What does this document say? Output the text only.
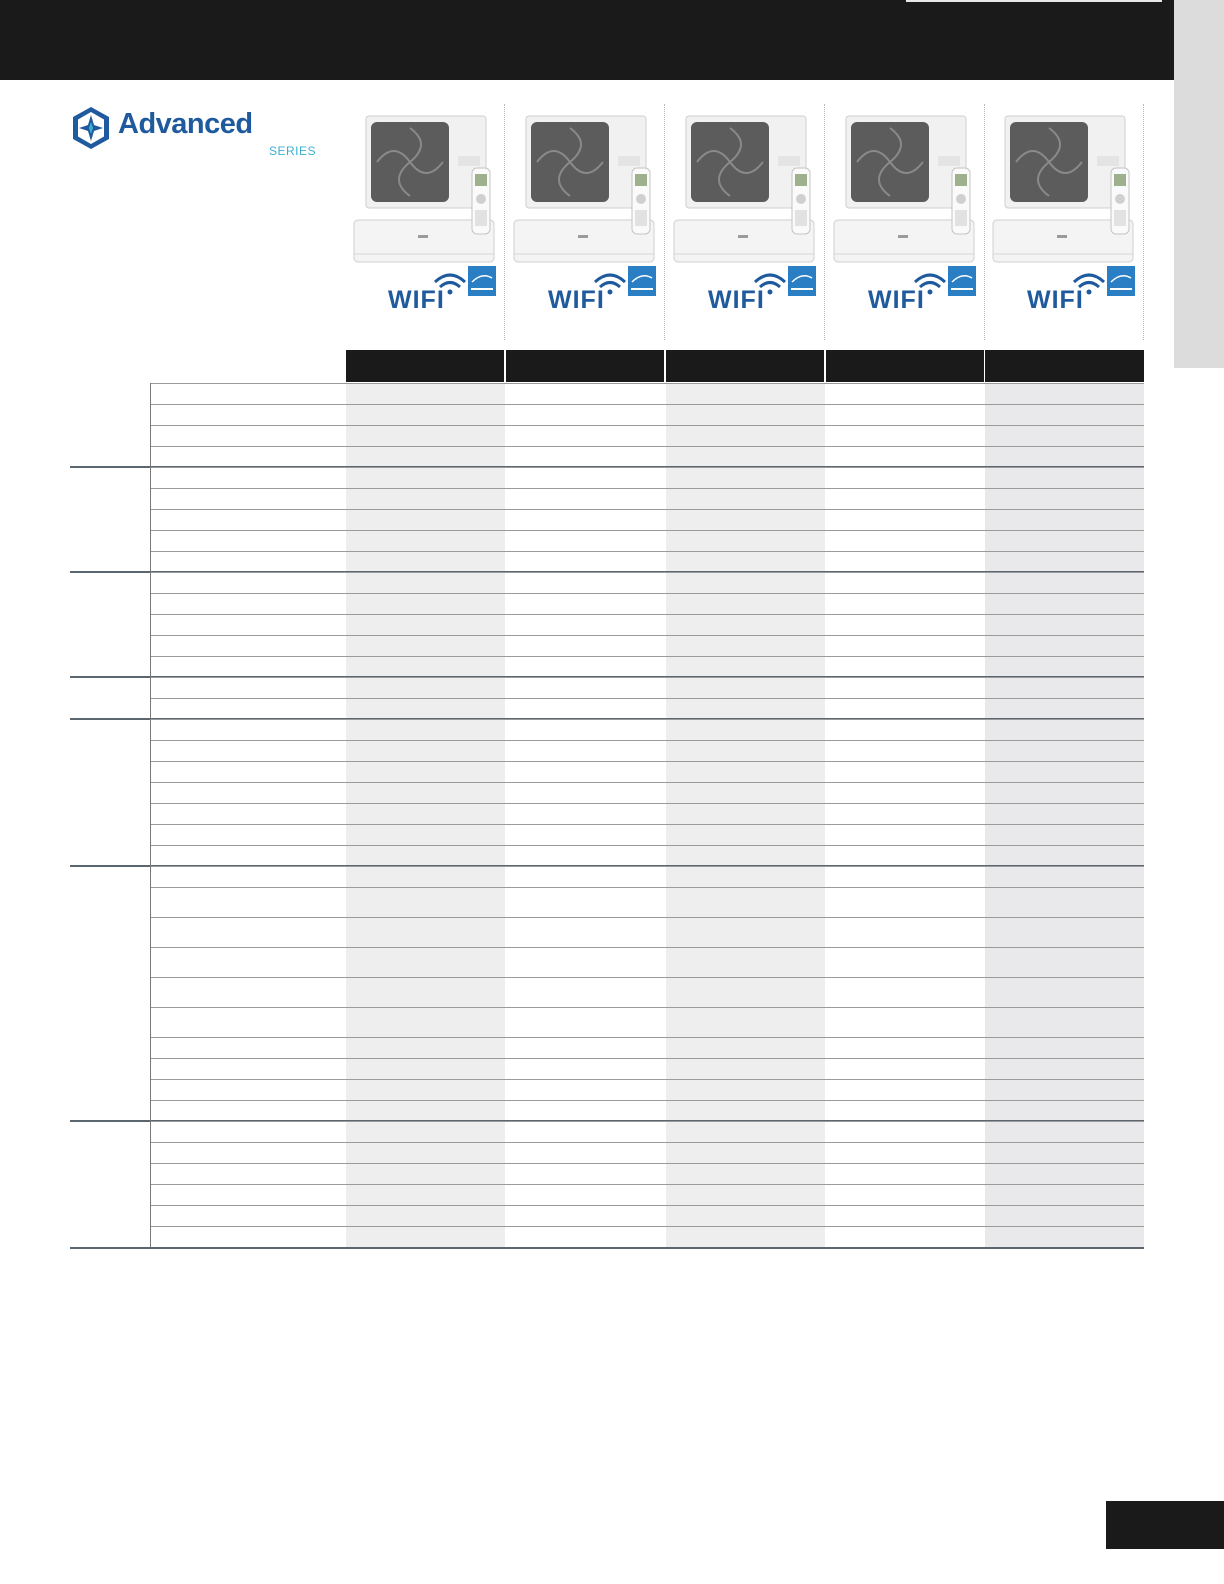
Advanced
SERIES
WIFI	WIFI	WIFI	WIFI	WIFI
